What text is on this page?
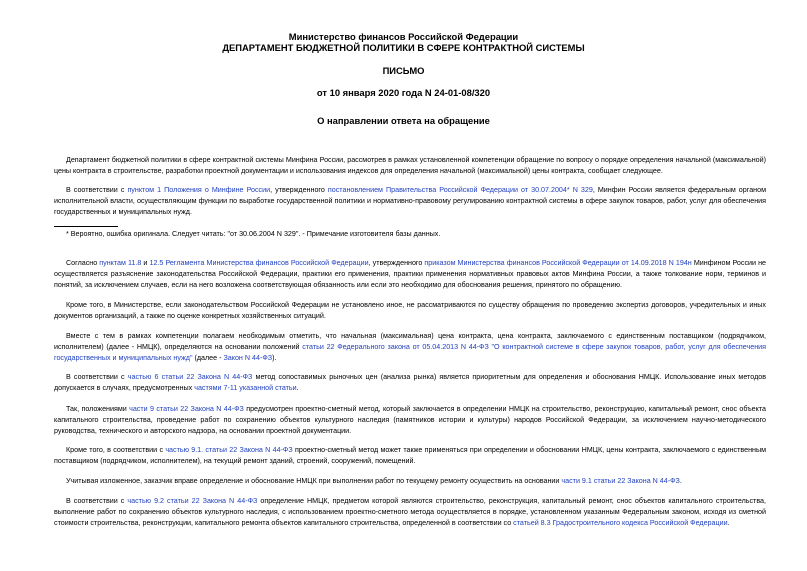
Министерство финансов Российской Федерации
ДЕПАРТАМЕНТ БЮДЖЕТНОЙ ПОЛИТИКИ В СФЕРЕ КОНТРАКТНОЙ СИСТЕМЫ
ПИСЬМО
от 10 января 2020 года N 24-01-08/320
О направлении ответа на обращение

Департамент бюджетной политики в сфере контрактной системы Минфина России, рассмотрев в рамках установленной компетенции обращение по вопросу о порядке определения начальной (максимальной) цены контракта в строительстве, разработки проектной документации и использования индексов для определения начальной (максимальной) цены контракта, сообщает следующее.

В соответствии с пунктом 1 Положения о Минфине России, утвержденного постановлением Правительства Российской Федерации от 30.07.2004* N 329, Минфин России является федеральным органом исполнительной власти, осуществляющим функции по выработке государственной политики и нормативно-правовому регулированию контрактной системы в сфере закупок товаров, работ, услуг для обеспечения государственных и муниципальных нужд.

* Вероятно, ошибка оригинала. Следует читать: "от 30.06.2004 N 329". - Примечание изготовителя базы данных.

Согласно пунктам 11.8 и 12.5 Регламента Министерства финансов Российской Федерации, утвержденного приказом Министерства финансов Российской Федерации от 14.09.2018 N 194н Минфином России не осуществляется разъяснение законодательства Российской Федерации, практики его применения, практики применения нормативных правовых актов Минфина России, а также толкование норм, терминов и понятий, за исключением случаев, если на него возложена соответствующая обязанность или если это необходимо для обоснования решения, принятого по обращению.

Кроме того, в Министерстве, если законодательством Российской Федерации не установлено иное, не рассматриваются по существу обращения по проведению экспертиз договоров, учредительных и иных документов организаций, а также по оценке конкретных хозяйственных ситуаций.

Вместе с тем в рамках компетенции полагаем необходимым отметить, что начальная (максимальная) цена контракта, цена контракта, заключаемого с единственным поставщиком (подрядчиком, исполнителем) (далее - НМЦК), определяются на основании положений статьи 22 Федерального закона от 05.04.2013 N 44-ФЗ "О контрактной системе в сфере закупок товаров, работ, услуг для обеспечения государственных и муниципальных нужд" (далее - Закон N 44-ФЗ).

В соответствии с частью 6 статьи 22 Закона N 44-ФЗ метод сопоставимых рыночных цен (анализа рынка) является приоритетным для определения и обоснования НМЦК. Использование иных методов допускается в случаях, предусмотренных частями 7-11 указанной статьи.

Так, положениями части 9 статьи 22 Закона N 44-ФЗ предусмотрен проектно-сметный метод, который заключается в определении НМЦК на строительство, реконструкцию, капитальный ремонт, снос объекта капитального строительства, проведение работ по сохранению объектов культурного наследия (памятников истории и культуры) народов Российской Федерации, за исключением научно-методического руководства, технического и авторского надзора, на основании проектной документации.

Кроме того, в соответствии с частью 9.1. статьи 22 Закона N 44-ФЗ проектно-сметный метод может также применяться при определении и обосновании НМЦК, цены контракта, заключаемого с единственным поставщиком (подрядчиком, исполнителем), на текущий ремонт зданий, строений, сооружений, помещений.

Учитывая изложенное, заказчик вправе определение и обоснование НМЦК при выполнении работ по текущему ремонту осуществить на основании части 9.1 статьи 22 Закона N 44-ФЗ.

В соответствии с частью 9.2 статьи 22 Закона N 44-ФЗ определение НМЦК, предметом которой являются строительство, реконструкция, капитальный ремонт, снос объектов капитального строительства, выполнение работ по сохранению объектов культурного наследия, с использованием проектно-сметного метода осуществляется в порядке, установленном указанным Федеральным законом, исходя из сметной стоимости строительства, реконструкции, капитального ремонта объектов капитального строительства, определенной в соответствии со статьей 8.3 Градостроительного кодекса Российской Федерации.
